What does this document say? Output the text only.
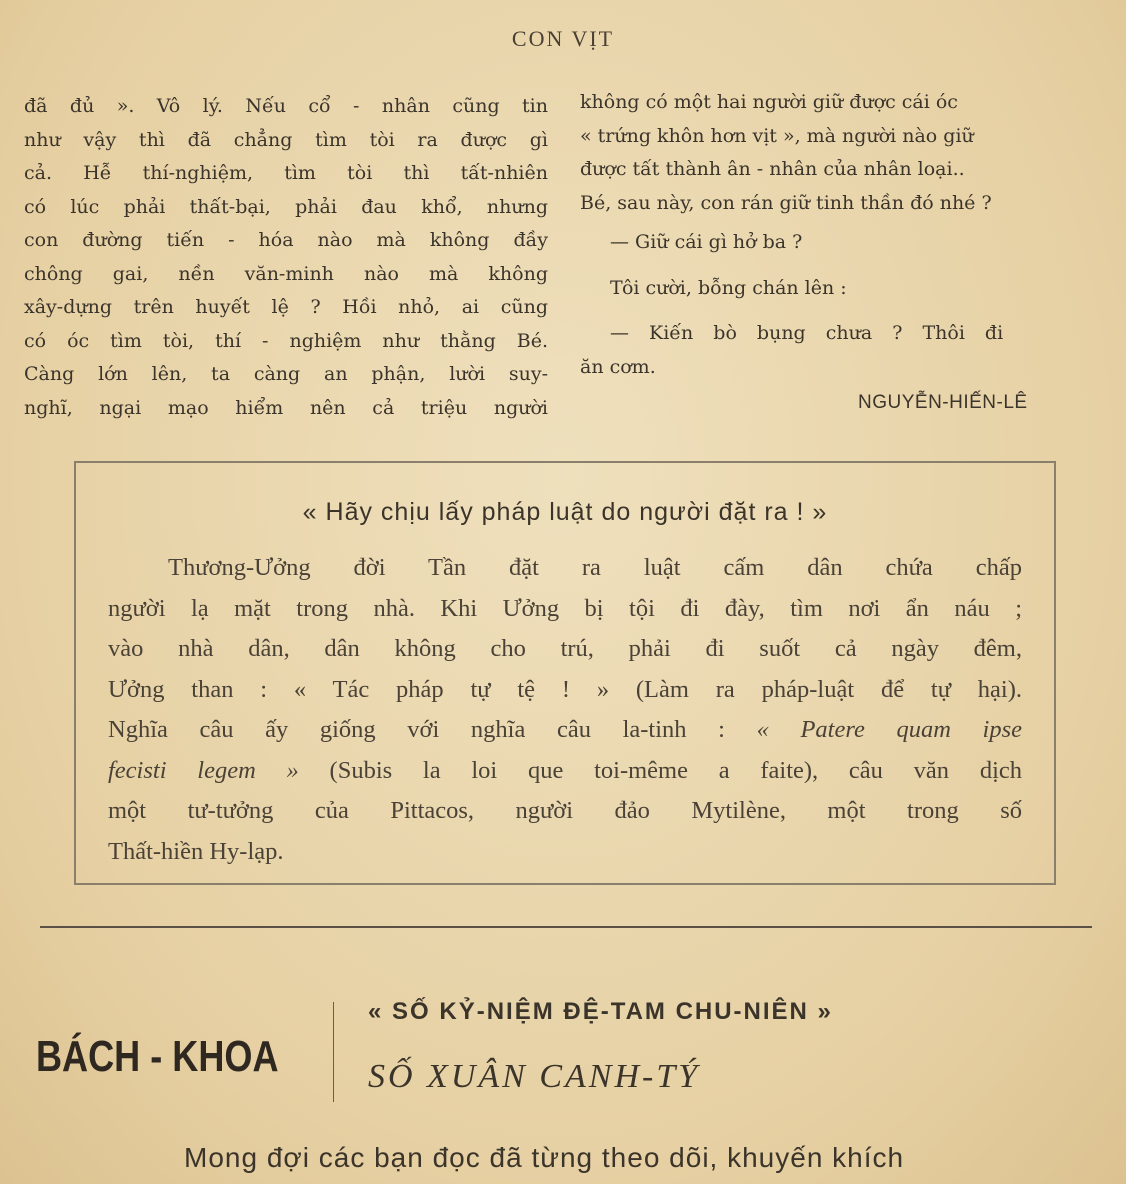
CON VỊT
đã đủ ». Vô lý. Nếu cổ - nhân cũng tin
như vậy thì đã chẳng tìm tòi ra được gì
cả. Hễ thí-nghiệm, tìm tòi thì tất-nhiên
có lúc phải thất-bại, phải đau khổ, nhưng
con đường tiến - hóa nào mà không đầy
chông gai, nền văn-minh nào mà không
xây-dựng trên huyết lệ ? Hồi nhỏ, ai cũng
có óc tìm tòi, thí - nghiệm như thằng Bé.
Càng lớn lên, ta càng an phận, lười suy-
nghĩ, ngại mạo hiểm nên cả triệu người
không có một hai người giữ được cái óc
« trứng khôn hơn vịt », mà người nào giữ
được tất thành ân - nhân của nhân loại..
Bé, sau này, con rán giữ tinh thần đó nhé ?
— Giữ cái gì hở ba ?
Tôi cười, bỗng chán lên :
— Kiến bò bụng chưa ? Thôi đi
ăn cơm.
NGUYỄN-HIẾN-LÊ
« Hãy chịu lấy pháp luật do người đặt ra ! »
Thương-Ưởng đời Tần đặt ra luật cấm dân chứa chấp
người lạ mặt trong nhà. Khi Ưởng bị tội đi đày, tìm nơi ẩn náu ;
vào nhà dân, dân không cho trú, phải đi suốt cả ngày đêm,
Ưởng than : « Tác pháp tự tệ ! » (Làm ra pháp-luật để tự hại).
Nghĩa câu ấy giống với nghĩa câu la-tinh : « Patere quam ipse
fecisti legem » (Subis la loi que toi-même a faite), câu văn dịch
một tư-tưởng của Pittacos, người đảo Mytilène, một trong số
Thất-hiền Hy-lạp.
BÁCH - KHOA
« SỐ KỶ-NIỆM ĐỆ-TAM CHU-NIÊN »
SỐ XUÂN CANH-TÝ
Mong đợi các bạn đọc đã từng theo dõi, khuyến khích
